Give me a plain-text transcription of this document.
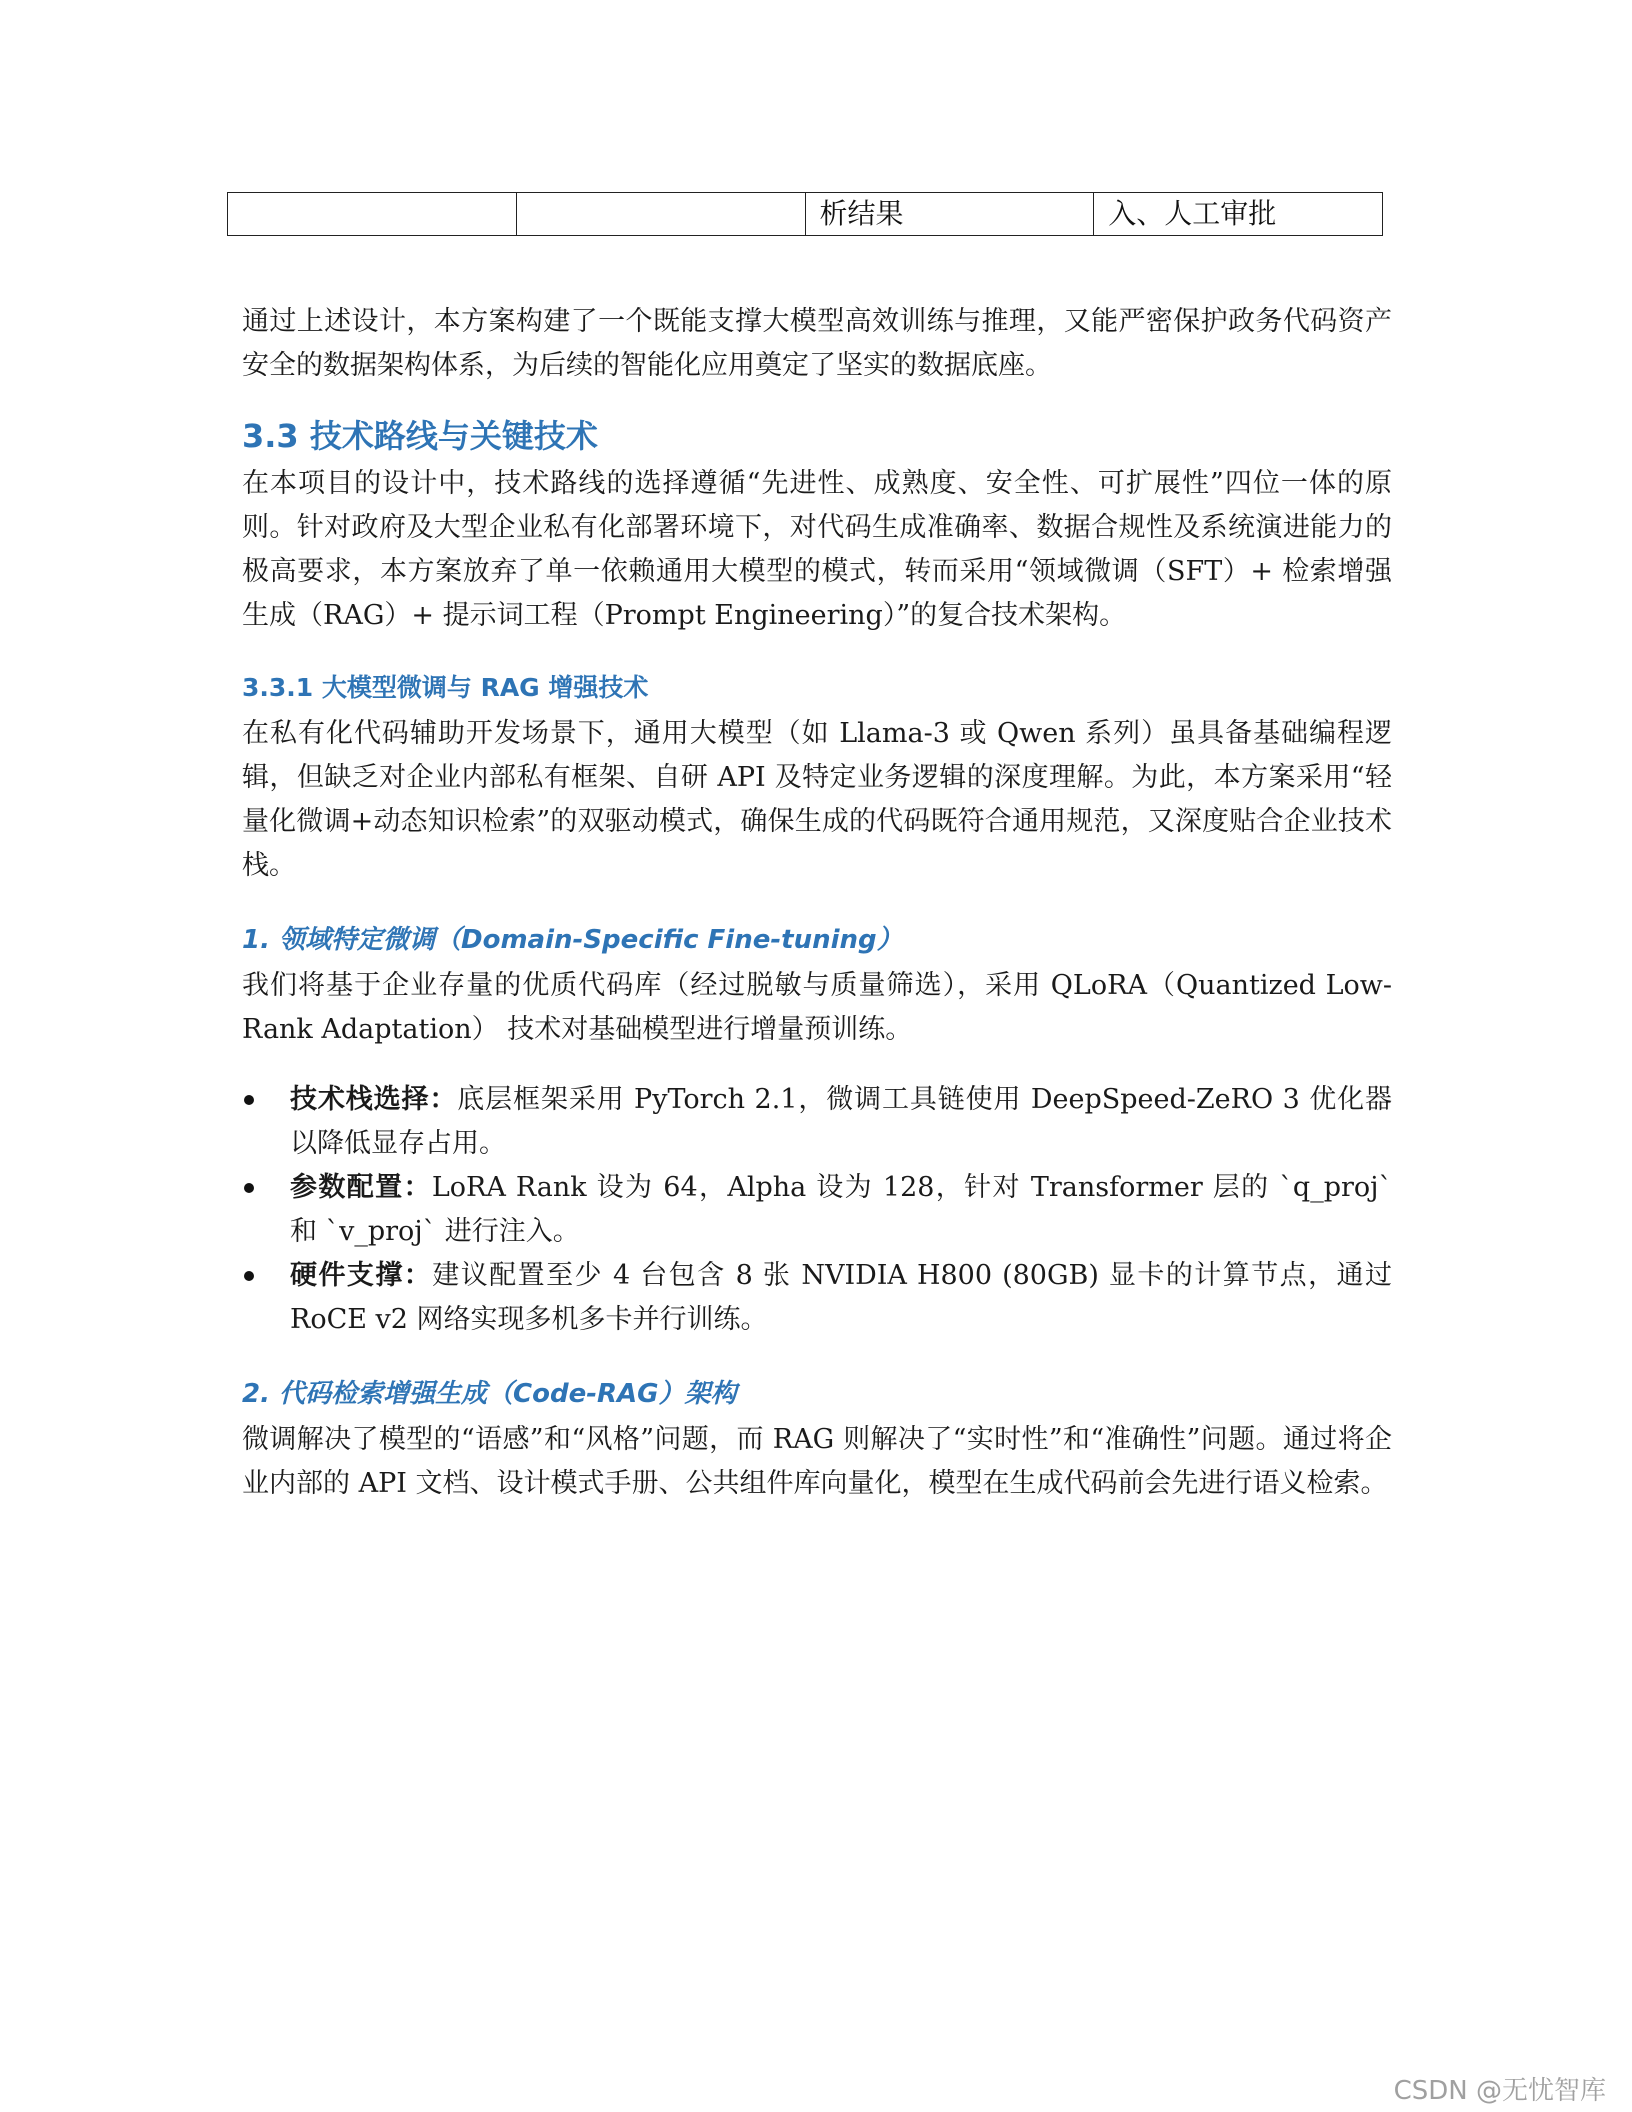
		析结果	入、人工审批

通过上述设计，本方案构建了一个既能支撑大模型高效训练与推理，又能严密保护政务代码资产安全的数据架构体系，为后续的智能化应用奠定了坚实的数据底座。

3.3 技术路线与关键技术

在本项目的设计中，技术路线的选择遵循“先进性、成熟度、安全性、可扩展性”四位一体的原则。针对政府及大型企业私有化部署环境下，对代码生成准确率、数据合规性及系统演进能力的极高要求，本方案放弃了单一依赖通用大模型的模式，转而采用“领域微调（SFT）+ 检索增强生成（RAG）+ 提示词工程（Prompt Engineering）”的复合技术架构。

3.3.1 大模型微调与 RAG 增强技术

在私有化代码辅助开发场景下，通用大模型（如 Llama-3 或 Qwen 系列）虽具备基础编程逻辑，但缺乏对企业内部私有框架、自研 API 及特定业务逻辑的深度理解。为此，本方案采用“轻量化微调+动态知识检索”的双驱动模式，确保生成的代码既符合通用规范，又深度贴合企业技术栈。

1. 领域特定微调（Domain-Specific Fine-tuning）

我们将基于企业存量的优质代码库（经过脱敏与质量筛选），采用 QLoRA（Quantized Low-Rank Adaptation） 技术对基础模型进行增量预训练。

技术栈选择：底层框架采用 PyTorch 2.1，微调工具链使用 DeepSpeed-ZeRO 3 优化器以降低显存占用。
参数配置：LoRA Rank 设为 64，Alpha 设为 128，针对 Transformer 层的 `q_proj` 和 `v_proj` 进行注入。
硬件支撑：建议配置至少 4 台包含 8 张 NVIDIA H800 (80GB) 显卡的计算节点，通过 RoCE v2 网络实现多机多卡并行训练。
2. 代码检索增强生成（Code-RAG）架构

微调解决了模型的“语感”和“风格”问题，而 RAG 则解决了“实时性”和“准确性”问题。通过将企业内部的 API 文档、设计模式手册、公共组件库向量化，模型在生成代码前会先进行语义检索。

CSDN @无忧智库
